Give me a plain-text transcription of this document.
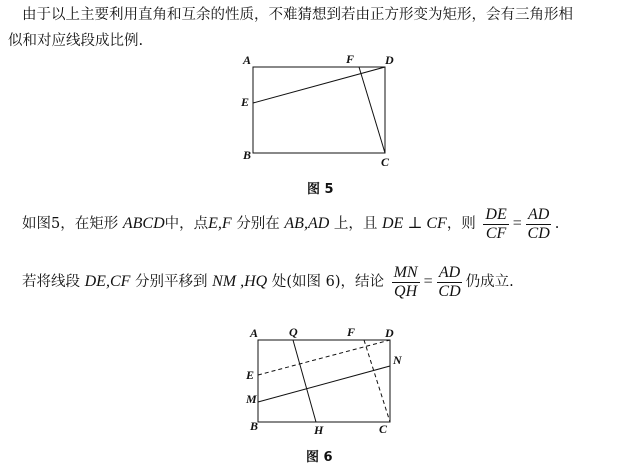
由于以上主要利用直角和互余的性质，不难猜想到若由正方形变为矩形，会有三角形相
似和对应线段成比例.
A
B	C
D
E
F
图 5
如图5，在矩形 ABCD中，点E,F 分别在 AB,AD 上，且 DE ⊥ CF，则 $\frac{DE}{CF} = \frac{AD}{CD}$ .
若将线段 DE,CF 分别平移到 NM ,HQ 处(如图 6)，结论 $\frac{MN}{QH} = \frac{AD}{CD}$ 仍成立.
A
B	C
D
E
F
Q
N
M
H
图 6
